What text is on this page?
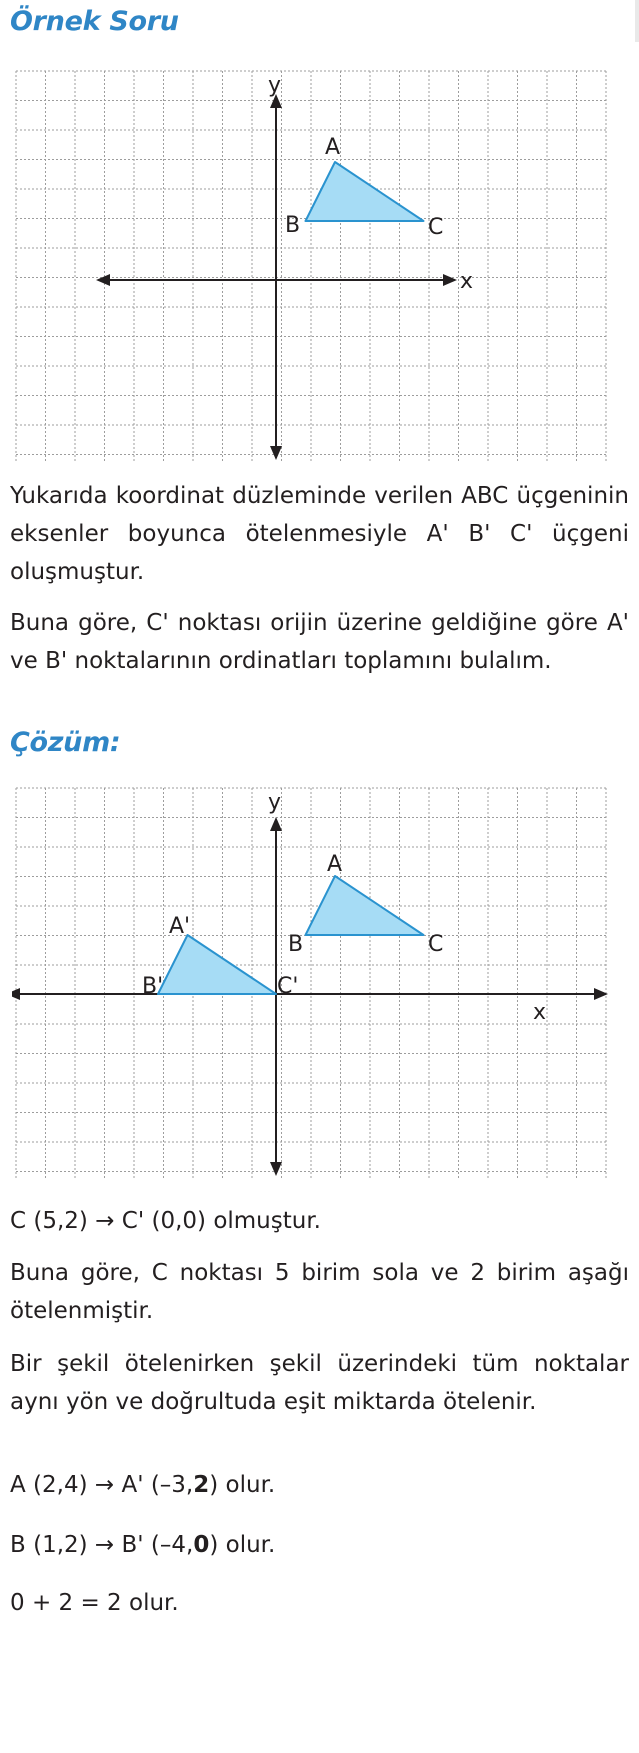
Örnek Soru
x
y
A
B	C

Yukarıda koordinat düzleminde verilen ABC üçgeninin eksenler boyunca ötelenmesiyle A' B' C' üçgeni oluşmuştur.

Buna göre, C' noktası orijin üzerine geldiğine göre A' ve B' noktalarının ordinatları toplamını bulalım.

Çözüm:
x
y
A
B	C
A'
B'	C'

C (5,2) → C' (0,0) olmuştur.

Buna göre, C noktası 5 birim sola ve 2 birim aşağı ötelenmiştir.

Bir şekil ötelenirken şekil üzerindeki tüm noktalar aynı yön ve doğrultuda eşit miktarda ötelenir.

A (2,4) → A' (–3,2) olur.

B (1,2) → B' (–4,0) olur.

0 + 2 = 2 olur.
